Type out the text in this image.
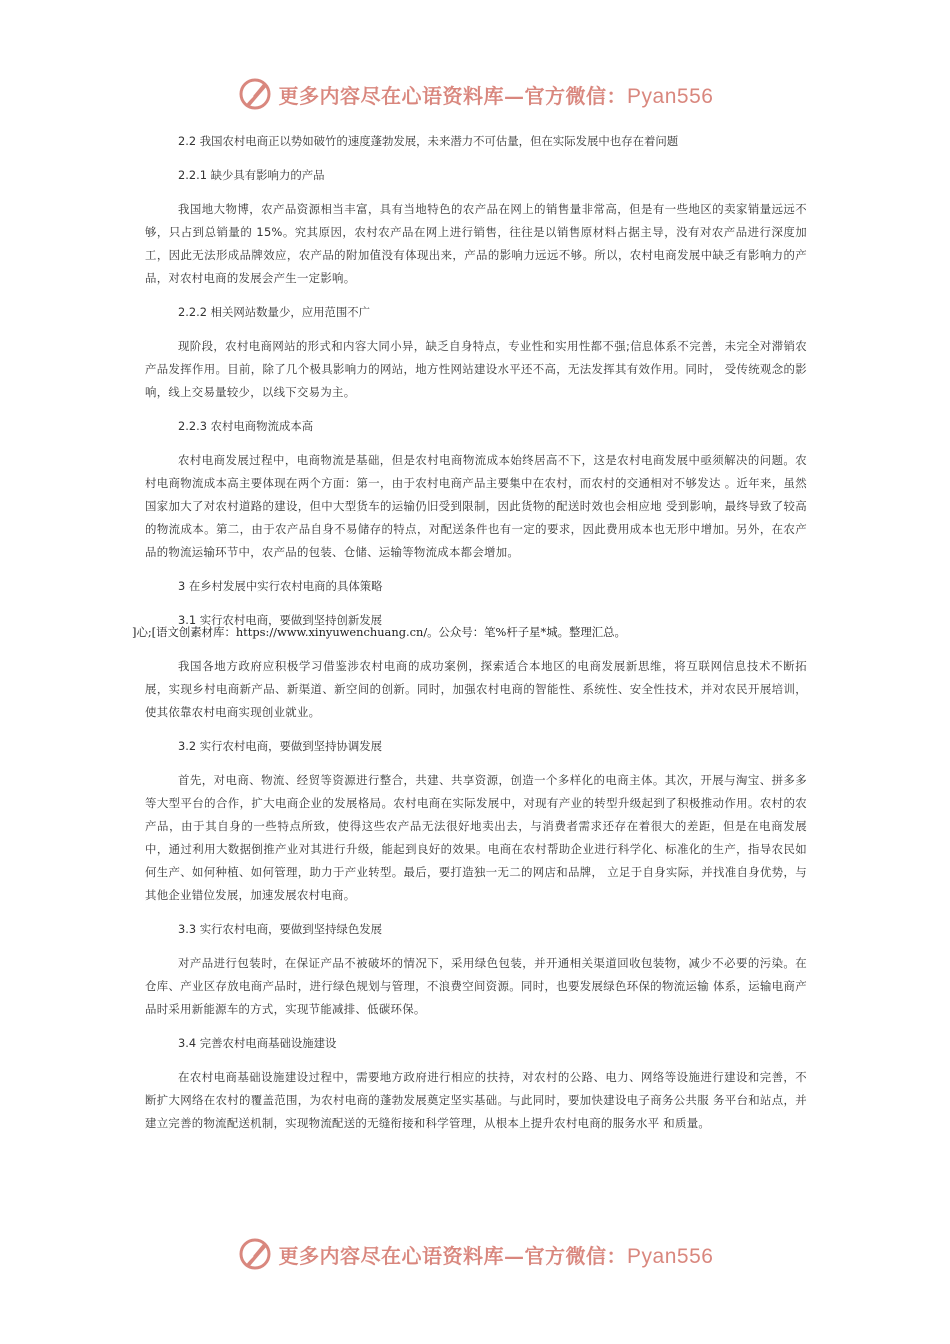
更多内容尽在心语资料库—官方微信：Pyan556

2.2 我国农村电商正以势如破竹的速度蓬勃发展，未来潜力不可估量，但在实际发展中也存在着问题

2.2.1 缺少具有影响力的产品

我国地大物博，农产品资源相当丰富，具有当地特色的农产品在网上的销售量非常高，但是有一些地区的卖家销量远远不够，只占到总销量的 15%。究其原因，农村农产品在网上进行销售，往往是以销售原材料占据主导，没有对农产品进行深度加工，因此无法形成品牌效应，农产品的附加值没有体现出来，产品的影响力远远不够。所以，农村电商发展中缺乏有影响力的产品，对农村电商的发展会产生一定影响。

2.2.2 相关网站数量少，应用范围不广

现阶段，农村电商网站的形式和内容大同小异，缺乏自身特点，专业性和实用性都不强;信息体系不完善，未完全对滞销农产品发挥作用。目前，除了几个极具影响力的网站，地方性网站建设水平还不高，无法发挥其有效作用。同时， 受传统观念的影响，线上交易量较少，以线下交易为主。

2.2.3 农村电商物流成本高

农村电商发展过程中，电商物流是基础，但是农村电商物流成本始终居高不下，这是农村电商发展中亟须解决的问题。农村电商物流成本高主要体现在两个方面：第一，由于农村电商产品主要集中在农村，而农村的交通相对不够发达 。近年来，虽然国家加大了对农村道路的建设，但中大型货车的运输仍旧受到限制，因此货物的配送时效也会相应地 受到影响，最终导致了较高的物流成本。第二，由于农产品自身不易储存的特点，对配送条件也有一定的要求，因此费用成本也无形中增加。另外，在农产品的物流运输环节中，农产品的包装、仓储、运输等物流成本都会增加。

3 在乡村发展中实行农村电商的具体策略

3.1 实行农村电商，要做到坚持创新发展

我国各地方政府应积极学习借鉴涉农村电商的成功案例，探索适合本地区的电商发展新思维，将互联网信息技术不断拓展，实现乡村电商新产品、新渠道、新空间的创新。同时，加强农村电商的智能性、系统性、安全性技术，并对农民开展培训，使其依靠农村电商实现创业就业。

3.2 实行农村电商，要做到坚持协调发展

首先，对电商、物流、经贸等资源进行整合，共建、共享资源，创造一个多样化的电商主体。其次，开展与淘宝、拼多多等大型平台的合作，扩大电商企业的发展格局。农村电商在实际发展中，对现有产业的转型升级起到了积极推动作用。农村的农产品，由于其自身的一些特点所致，使得这些农产品无法很好地卖出去，与消费者需求还存在着很大的差距，但是在电商发展中，通过利用大数据倒推产业对其进行升级，能起到良好的效果。电商在农村帮助企业进行科学化、标准化的生产，指导农民如何生产、如何种植、如何管理，助力于产业转型。最后，要打造独一无二的网店和品牌， 立足于自身实际，并找准自身优势，与其他企业错位发展，加速发展农村电商。

3.3 实行农村电商，要做到坚持绿色发展

对产品进行包装时，在保证产品不被破坏的情况下，采用绿色包装，并开通相关渠道回收包装物，减少不必要的污染。在仓库、产业区存放电商产品时，进行绿色规划与管理，不浪费空间资源。同时，也要发展绿色环保的物流运输 体系，运输电商产品时采用新能源车的方式，实现节能减排、低碳环保。

3.4 完善农村电商基础设施建设

在农村电商基础设施建设过程中，需要地方政府进行相应的扶持，对农村的公路、电力、网络等设施进行建设和完善，不断扩大网络在农村的覆盖范围，为农村电商的蓬勃发展奠定坚实基础。与此同时，要加快建设电子商务公共服 务平台和站点，并建立完善的物流配送机制，实现物流配送的无缝衔接和科学管理，从根本上提升农村电商的服务水平 和质量。

]心;[语文创素材库：https://www.xinyuwenchuang.cn/。公众号：笔%杆子星*城。整理汇总。
更多内容尽在心语资料库—官方微信：Pyan556
